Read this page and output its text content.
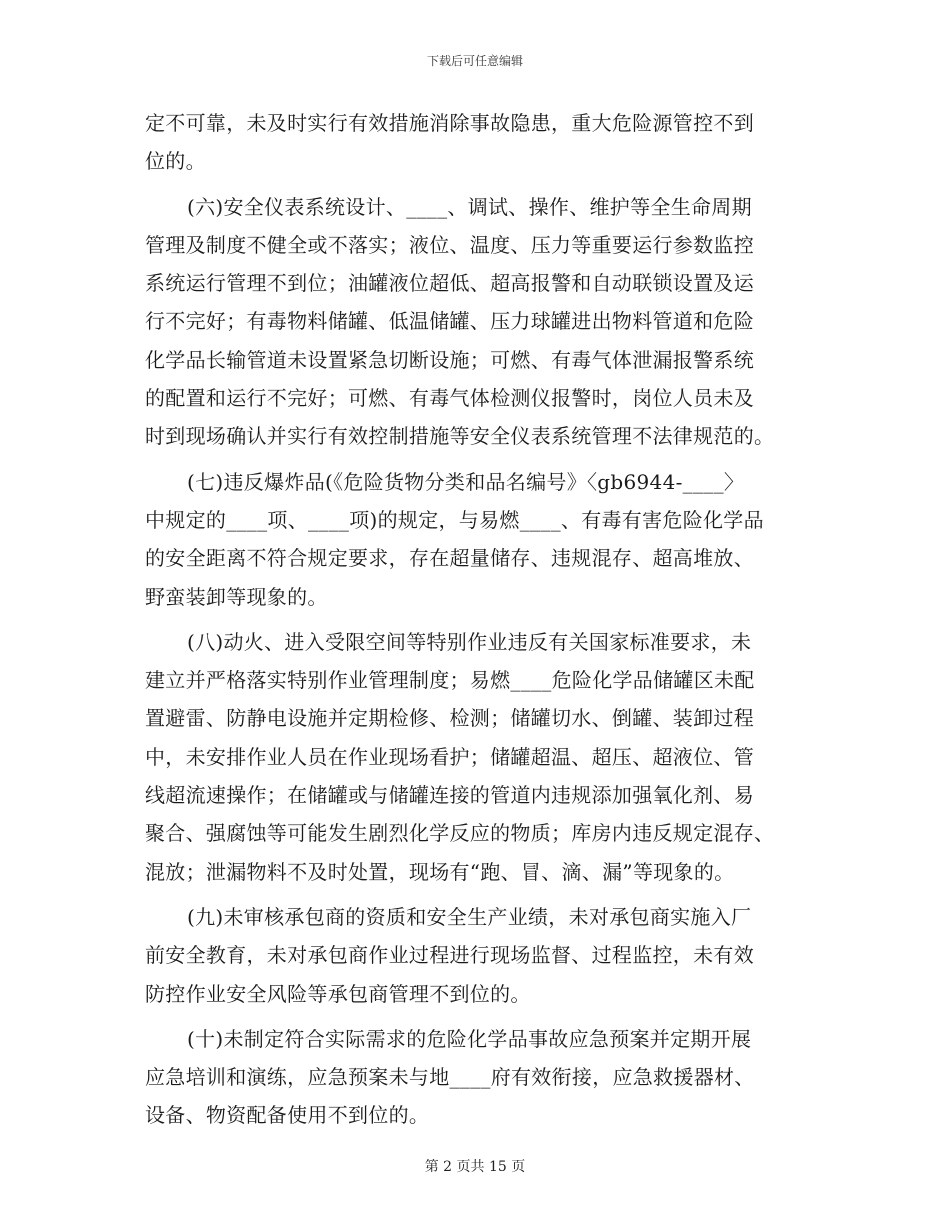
下载后可任意编辑
定不可靠，未及时实行有效措施消除事故隐患，重大危险源管控不到
位的。
(六)安全仪表系统设计、____、调试、操作、维护等全生命周期
管理及制度不健全或不落实；液位、温度、压力等重要运行参数监控
系统运行管理不到位；油罐液位超低、超高报警和自动联锁设置及运
行不完好；有毒物料储罐、低温储罐、压力球罐进出物料管道和危险
化学品长输管道未设置紧急切断设施；可燃、有毒气体泄漏报警系统
的配置和运行不完好；可燃、有毒气体检测仪报警时，岗位人员未及
时到现场确认并实行有效控制措施等安全仪表系统管理不法律规范的。
(七)违反爆炸品(《危险货物分类和品名编号》〈gb6944-____〉
中规定的____项、____项)的规定，与易燃____、有毒有害危险化学品
的安全距离不符合规定要求，存在超量储存、违规混存、超高堆放、
野蛮装卸等现象的。
(八)动火、进入受限空间等特别作业违反有关国家标准要求，未
建立并严格落实特别作业管理制度；易燃____危险化学品储罐区未配
置避雷、防静电设施并定期检修、检测；储罐切水、倒罐、装卸过程
中，未安排作业人员在作业现场看护；储罐超温、超压、超液位、管
线超流速操作；在储罐或与储罐连接的管道内违规添加强氧化剂、易
聚合、强腐蚀等可能发生剧烈化学反应的物质；库房内违反规定混存、
混放；泄漏物料不及时处置，现场有“跑、冒、滴、漏”等现象的。
(九)未审核承包商的资质和安全生产业绩，未对承包商实施入厂
前安全教育，未对承包商作业过程进行现场监督、过程监控，未有效
防控作业安全风险等承包商管理不到位的。
(十)未制定符合实际需求的危险化学品事故应急预案并定期开展
应急培训和演练，应急预案未与地____府有效衔接，应急救援器材、
设备、物资配备使用不到位的。
第 2 页共 15 页
